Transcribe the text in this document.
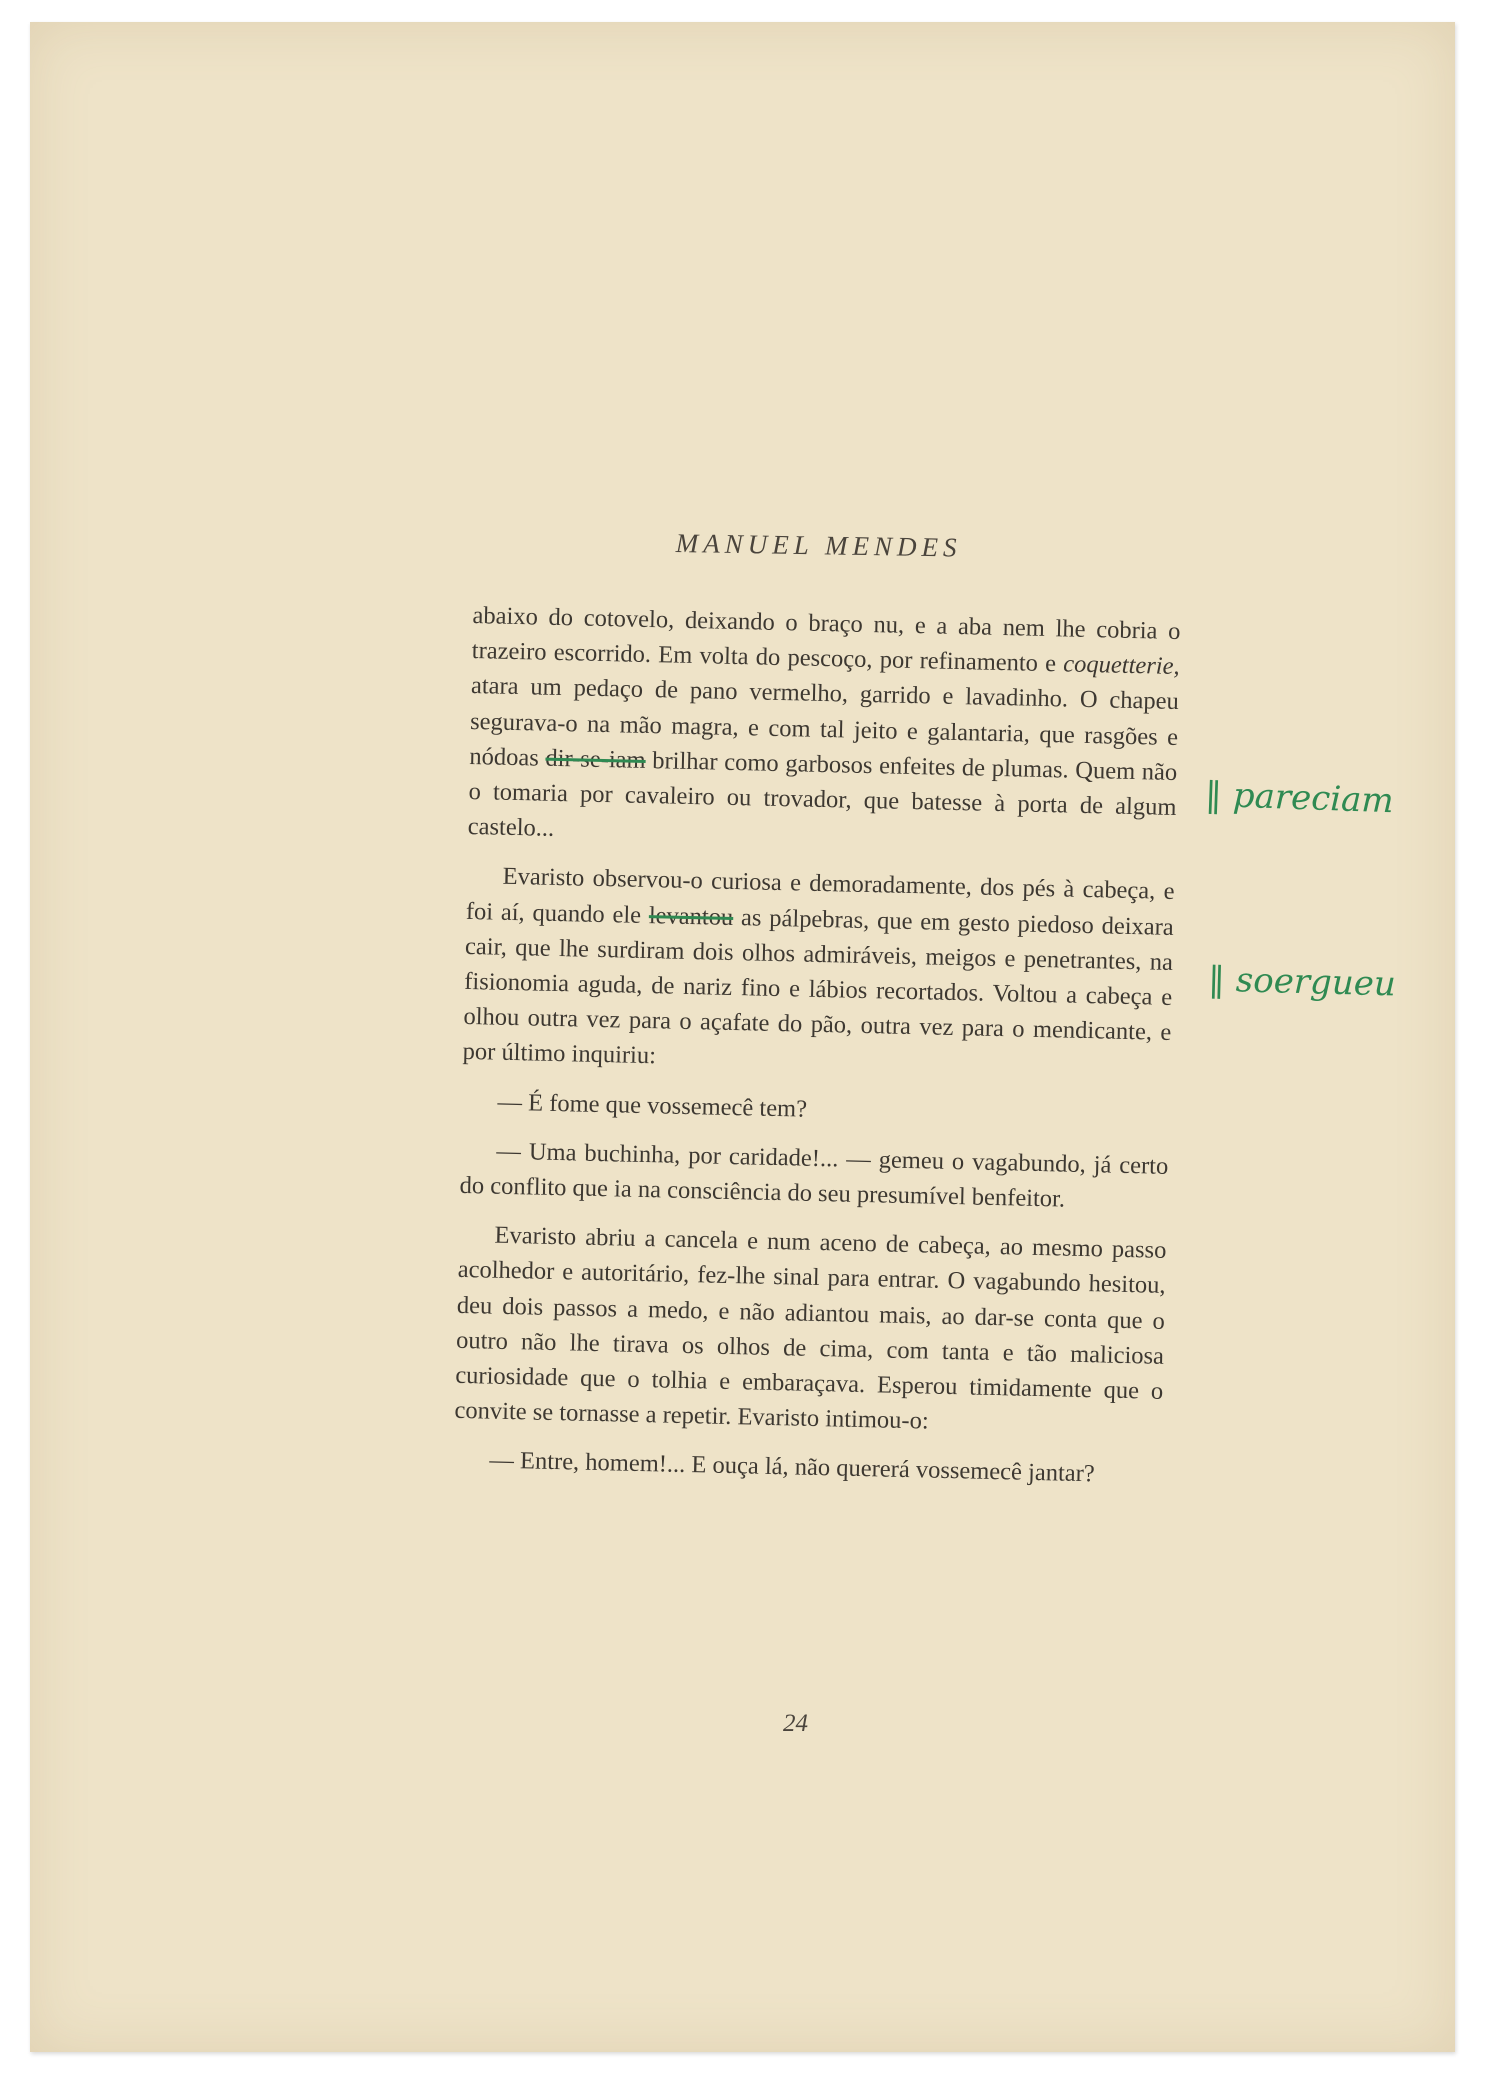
MANUEL MENDES

abaixo do cotovelo, deixando o braço nu, e a aba nem lhe cobria o trazeiro escorrido. Em volta do pescoço, por refinamento e coquetterie, atara um pedaço de pano vermelho, garrido e lavadinho. O chapeu segurava-o na mão magra, e com tal jeito e galantaria, que rasgões e nódoas dir-se-iam brilhar como garbosos enfeites de plumas. Quem não o tomaria por cavaleiro ou trovador, que batesse à porta de algum castelo...

Evaristo observou-o curiosa e demoradamente, dos pés à cabeça, e foi aí, quando ele levantou as pálpebras, que em gesto piedoso deixara cair, que lhe surdiram dois olhos admiráveis, meigos e penetrantes, na fisionomia aguda, de nariz fino e lábios recortados. Voltou a cabeça e olhou outra vez para o açafate do pão, outra vez para o mendicante, e por último inquiriu:

— É fome que vossemecê tem?

— Uma buchinha, por caridade!... — gemeu o vagabundo, já certo do conflito que ia na consciência do seu presumível benfeitor.

Evaristo abriu a cancela e num aceno de cabeça, ao mesmo passo acolhedor e autoritário, fez-lhe sinal para entrar. O vagabundo hesitou, deu dois passos a medo, e não adiantou mais, ao dar-se conta que o outro não lhe tirava os olhos de cima, com tanta e tão maliciosa curiosidade que o tolhia e embaraçava. Esperou timidamente que o convite se tornasse a repetir. Evaristo intimou-o:

— Entre, homem!... E ouça lá, não quererá vossemecê jantar?

‖ pareciam
‖ soergueu
24
